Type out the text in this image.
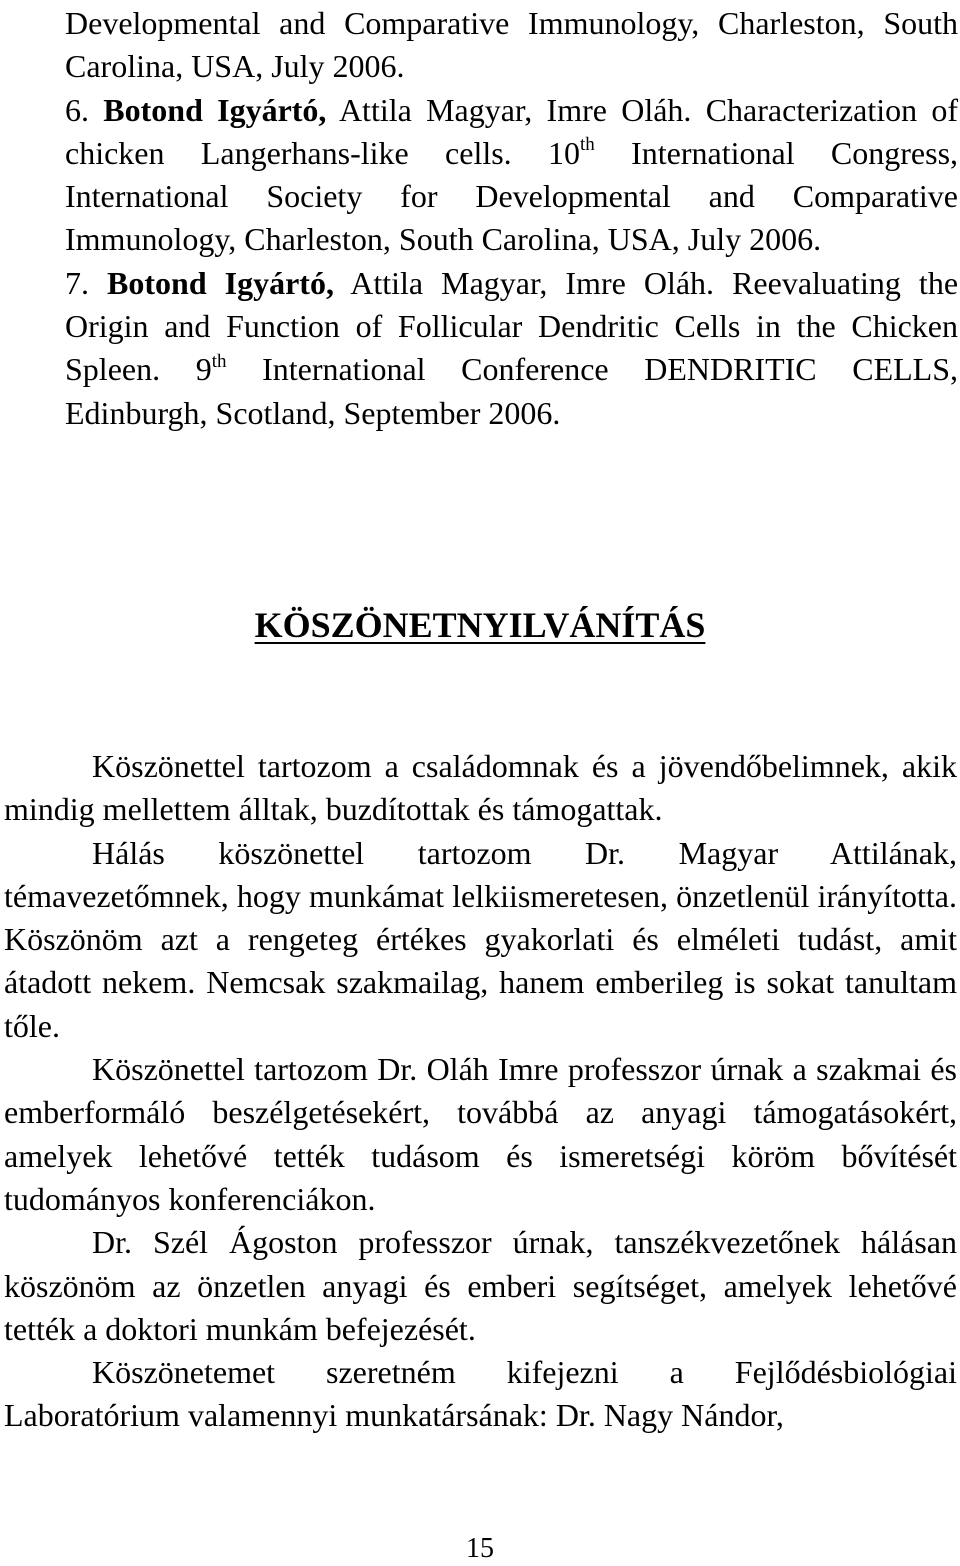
Developmental and Comparative Immunology, Charleston, South Carolina, USA, July 2006.

6. Botond Igyártó, Attila Magyar, Imre Oláh. Characterization of chicken Langerhans-like cells. 10th International Congress, International Society for Developmental and Comparative Immunology, Charleston, South Carolina, USA, July 2006.

7. Botond Igyártó, Attila Magyar, Imre Oláh. Reevaluating the Origin and Function of Follicular Dendritic Cells in the Chicken Spleen. 9th International Conference DENDRITIC CELLS, Edinburgh, Scotland, September 2006.

KÖSZÖNETNYILVÁNÍTÁS

Köszönettel tartozom a családomnak és a jövendőbelimnek, akik mindig mellettem álltak, buzdítottak és támogattak.

Hálás köszönettel tartozom Dr. Magyar Attilának, témavezetőmnek, hogy munkámat lelkiismeretesen, önzetlenül irányította. Köszönöm azt a rengeteg értékes gyakorlati és elméleti tudást, amit átadott nekem. Nemcsak szakmailag, hanem emberileg is sokat tanultam tőle.

Köszönettel tartozom Dr. Oláh Imre professzor úrnak a szakmai és emberformáló beszélgetésekért, továbbá az anyagi támogatásokért, amelyek lehetővé tették tudásom és ismeretségi köröm bővítését tudományos konferenciákon.

Dr. Szél Ágoston professzor úrnak, tanszékvezetőnek hálásan köszönöm az önzetlen anyagi és emberi segítséget, amelyek lehetővé tették a doktori munkám befejezését.

Köszönetemet szeretném kifejezni a Fejlődésbiológiai Laboratórium valamennyi munkatársának: Dr. Nagy Nándor,

15
